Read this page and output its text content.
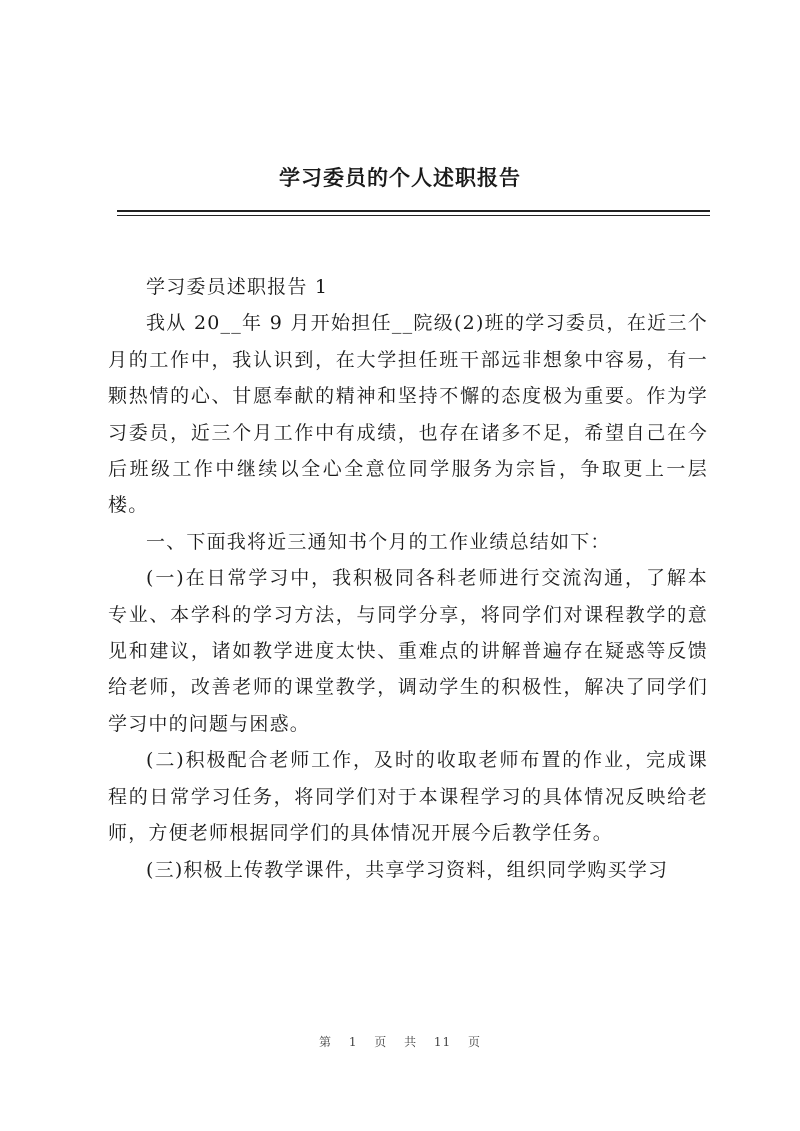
学习委员的个人述职报告

学习委员述职报告 1

我从 20__年 9 月开始担任__院级(2)班的学习委员，在近三个月的工作中，我认识到，在大学担任班干部远非想象中容易，有一颗热情的心、甘愿奉献的精神和坚持不懈的态度极为重要。作为学习委员，近三个月工作中有成绩，也存在诸多不足，希望自己在今后班级工作中继续以全心全意位同学服务为宗旨，争取更上一层楼。

一、下面我将近三通知书个月的工作业绩总结如下：

(一)在日常学习中，我积极同各科老师进行交流沟通，了解本专业、本学科的学习方法，与同学分享，将同学们对课程教学的意见和建议，诸如教学进度太快、重难点的讲解普遍存在疑惑等反馈给老师，改善老师的课堂教学，调动学生的积极性，解决了同学们学习中的问题与困惑。

(二)积极配合老师工作，及时的收取老师布置的作业，完成课程的日常学习任务，将同学们对于本课程学习的具体情况反映给老师，方便老师根据同学们的具体情况开展今后教学任务。

(三)积极上传教学课件，共享学习资料，组织同学购买学习

第 1 页 共 11 页
